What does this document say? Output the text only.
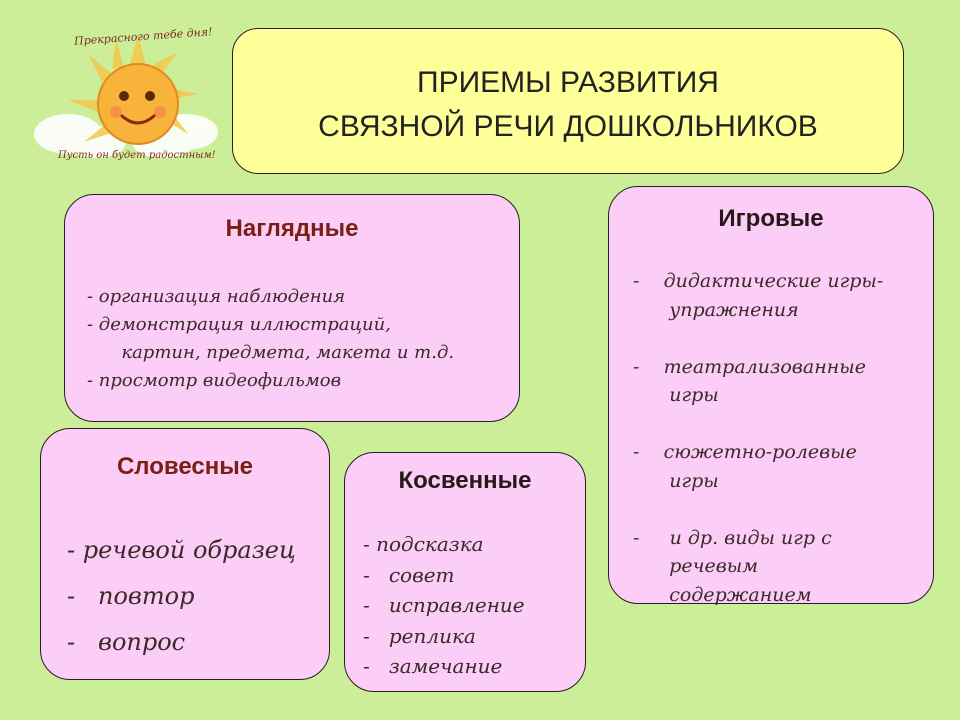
Прекрасного тебе дня!
Пусть он будет радостным!
ПРИЕМЫ РАЗВИТИЯ
СВЯЗНОЙ РЕЧИ ДОШКОЛЬНИКОВ
Наглядные
- организация наблюдения
- демонстрация иллюстраций,
картин, предмета, макета и т.д.
- просмотр видеофильмов
Игровые
-    дидактические игры-
упражнения

-    театрализованные
игры

-    сюжетно-ролевые
игры

-     и др. виды игр с
речевым
содержанием
Словесные
- речевой образец
-   повтор
-   вопрос
Косвенные
- подсказка
-   совет
-   исправление
-   реплика
-   замечание
